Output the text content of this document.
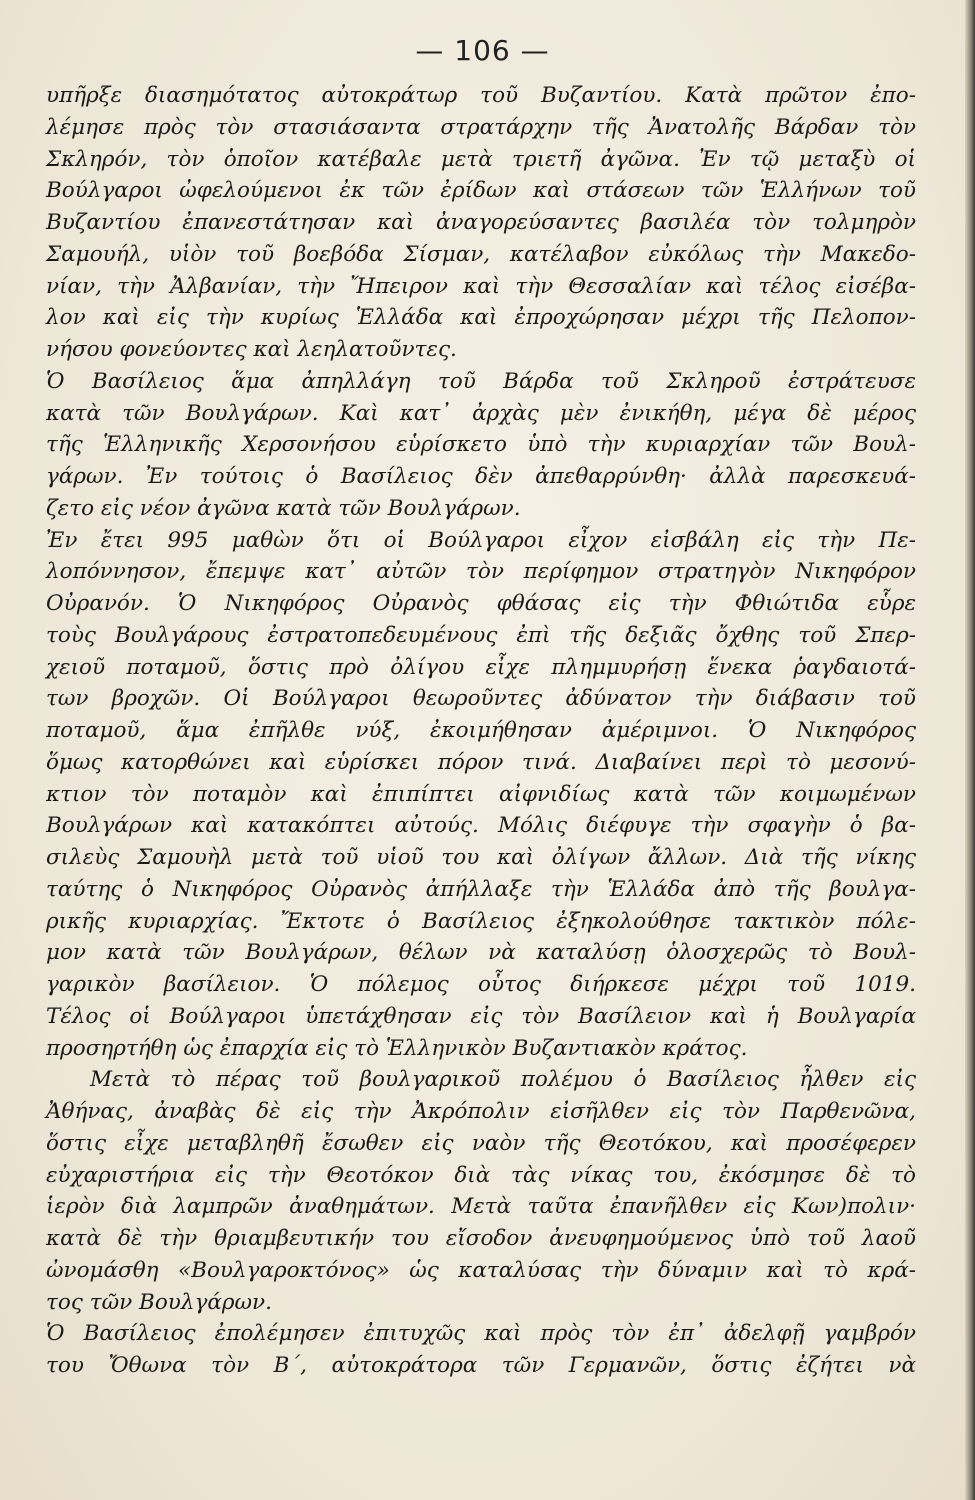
— 106 —
υπῆρξε διασημότατος αὐτοκράτωρ τοῦ Βυζαντίου. Κατὰ πρῶτον ἐπο-
λέμησε πρὸς τὸν στασιάσαντα στρατάρχην τῆς Ἀνατολῆς Βάρδαν τὸν
Σκληρόν, τὸν ὁποῖον κατέβαλε μετὰ τριετῆ ἀγῶνα. Ἐν τῷ μεταξὺ οἱ
Βούλγαροι ὠφελούμενοι ἐκ τῶν ἐρίδων καὶ στάσεων τῶν Ἑλλήνων τοῦ
Βυζαντίου ἐπανεστάτησαν καὶ ἀναγορεύσαντες βασιλέα τὸν τολμηρὸν
Σαμουήλ, υἱὸν τοῦ βοεβόδα Σίσμαν, κατέλαβον εὐκόλως τὴν Μακεδο-
νίαν, τὴν Ἀλβανίαν, τὴν Ἤπειρον καὶ τὴν Θεσσαλίαν καὶ τέλος εἰσέβα-
λον καὶ εἰς τὴν κυρίως Ἑλλάδα καὶ ἐπροχώρησαν μέχρι τῆς Πελοπον-
νήσου φονεύοντες καὶ λεηλατοῦντες.
Ὁ Βασίλειος ἅμα ἀπηλλάγη τοῦ Βάρδα τοῦ Σκληροῦ ἐστράτευσε
κατὰ τῶν Βουλγάρων. Καὶ κατ᾽ ἀρχὰς μὲν ἐνικήθη, μέγα δὲ μέρος
τῆς Ἑλληνικῆς Χερσονήσου εὑρίσκετο ὑπὸ τὴν κυριαρχίαν τῶν Βουλ-
γάρων. Ἐν τούτοις ὁ Βασίλειος δὲν ἀπεθαρρύνθη· ἀλλὰ παρεσκευά-
ζετο εἰς νέον ἀγῶνα κατὰ τῶν Βουλγάρων.
Ἐν ἔτει 995 μαθὼν ὅτι οἱ Βούλγαροι εἶχον εἰσβάλη εἰς τὴν Πε-
λοπόννησον, ἔπεμψε κατ᾽ αὐτῶν τὸν περίφημον στρατηγὸν Νικηφόρον
Οὐρανόν. Ὁ Νικηφόρος Οὐρανὸς φθάσας εἰς τὴν Φθιώτιδα εὗρε
τοὺς Βουλγάρους ἐστρατοπεδευμένους ἐπὶ τῆς δεξιᾶς ὄχθης τοῦ Σπερ-
χειοῦ ποταμοῦ, ὅστις πρὸ ὀλίγου εἶχε πλημμυρήσῃ ἕνεκα ῥαγδαιοτά-
των βροχῶν. Οἱ Βούλγαροι θεωροῦντες ἀδύνατον τὴν διάβασιν τοῦ
ποταμοῦ, ἅμα ἐπῆλθε νύξ, ἐκοιμήθησαν ἀμέριμνοι. Ὁ Νικηφόρος
ὅμως κατορθώνει καὶ εὑρίσκει πόρον τινά. Διαβαίνει περὶ τὸ μεσονύ-
κτιον τὸν ποταμὸν καὶ ἐπιπίπτει αἰφνιδίως κατὰ τῶν κοιμωμένων
Βουλγάρων καὶ κατακόπτει αὐτούς. Μόλις διέφυγε τὴν σφαγὴν ὁ βα-
σιλεὺς Σαμουὴλ μετὰ τοῦ υἱοῦ του καὶ ὀλίγων ἄλλων. Διὰ τῆς νίκης
ταύτης ὁ Νικηφόρος Οὐρανὸς ἀπήλλαξε τὴν Ἑλλάδα ἀπὸ τῆς βουλγα-
ρικῆς κυριαρχίας. Ἔκτοτε ὁ Βασίλειος ἐξηκολούθησε τακτικὸν πόλε-
μον κατὰ τῶν Βουλγάρων, θέλων νὰ καταλύσῃ ὁλοσχερῶς τὸ Βουλ-
γαρικὸν βασίλειον. Ὁ πόλεμος οὗτος διήρκεσε μέχρι τοῦ 1019.
Τέλος οἱ Βούλγαροι ὑπετάχθησαν εἰς τὸν Βασίλειον καὶ ἡ Βουλγαρία
προσηρτήθη ὡς ἐπαρχία εἰς τὸ Ἑλληνικὸν Βυζαντιακὸν κράτος.
Μετὰ τὸ πέρας τοῦ βουλγαρικοῦ πολέμου ὁ Βασίλειος ἦλθεν εἰς
Ἀθήνας, ἀναβὰς δὲ εἰς τὴν Ἀκρόπολιν εἰσῆλθεν εἰς τὸν Παρθενῶνα,
ὅστις εἶχε μεταβληθῆ ἔσωθεν εἰς ναὸν τῆς Θεοτόκου, καὶ προσέφερεν
εὐχαριστήρια εἰς τὴν Θεοτόκον διὰ τὰς νίκας του, ἐκόσμησε δὲ τὸ
ἱερὸν διὰ λαμπρῶν ἀναθημάτων. Μετὰ ταῦτα ἐπανῆλθεν εἰς Κων)πολιν·
κατὰ δὲ τὴν θριαμβευτικήν του εἴσοδον ἀνευφημούμενος ὑπὸ τοῦ λαοῦ
ὠνομάσθη «Βουλγαροκτόνος» ὡς καταλύσας τὴν δύναμιν καὶ τὸ κρά-
τος τῶν Βουλγάρων.
Ὁ Βασίλειος ἐπολέμησεν ἐπιτυχῶς καὶ πρὸς τὸν ἐπ᾽ ἀδελφῇ γαμβρόν
του Ὄθωνα τὸν Β΄, αὐτοκράτορα τῶν Γερμανῶν, ὅστις ἐζήτει νὰ
